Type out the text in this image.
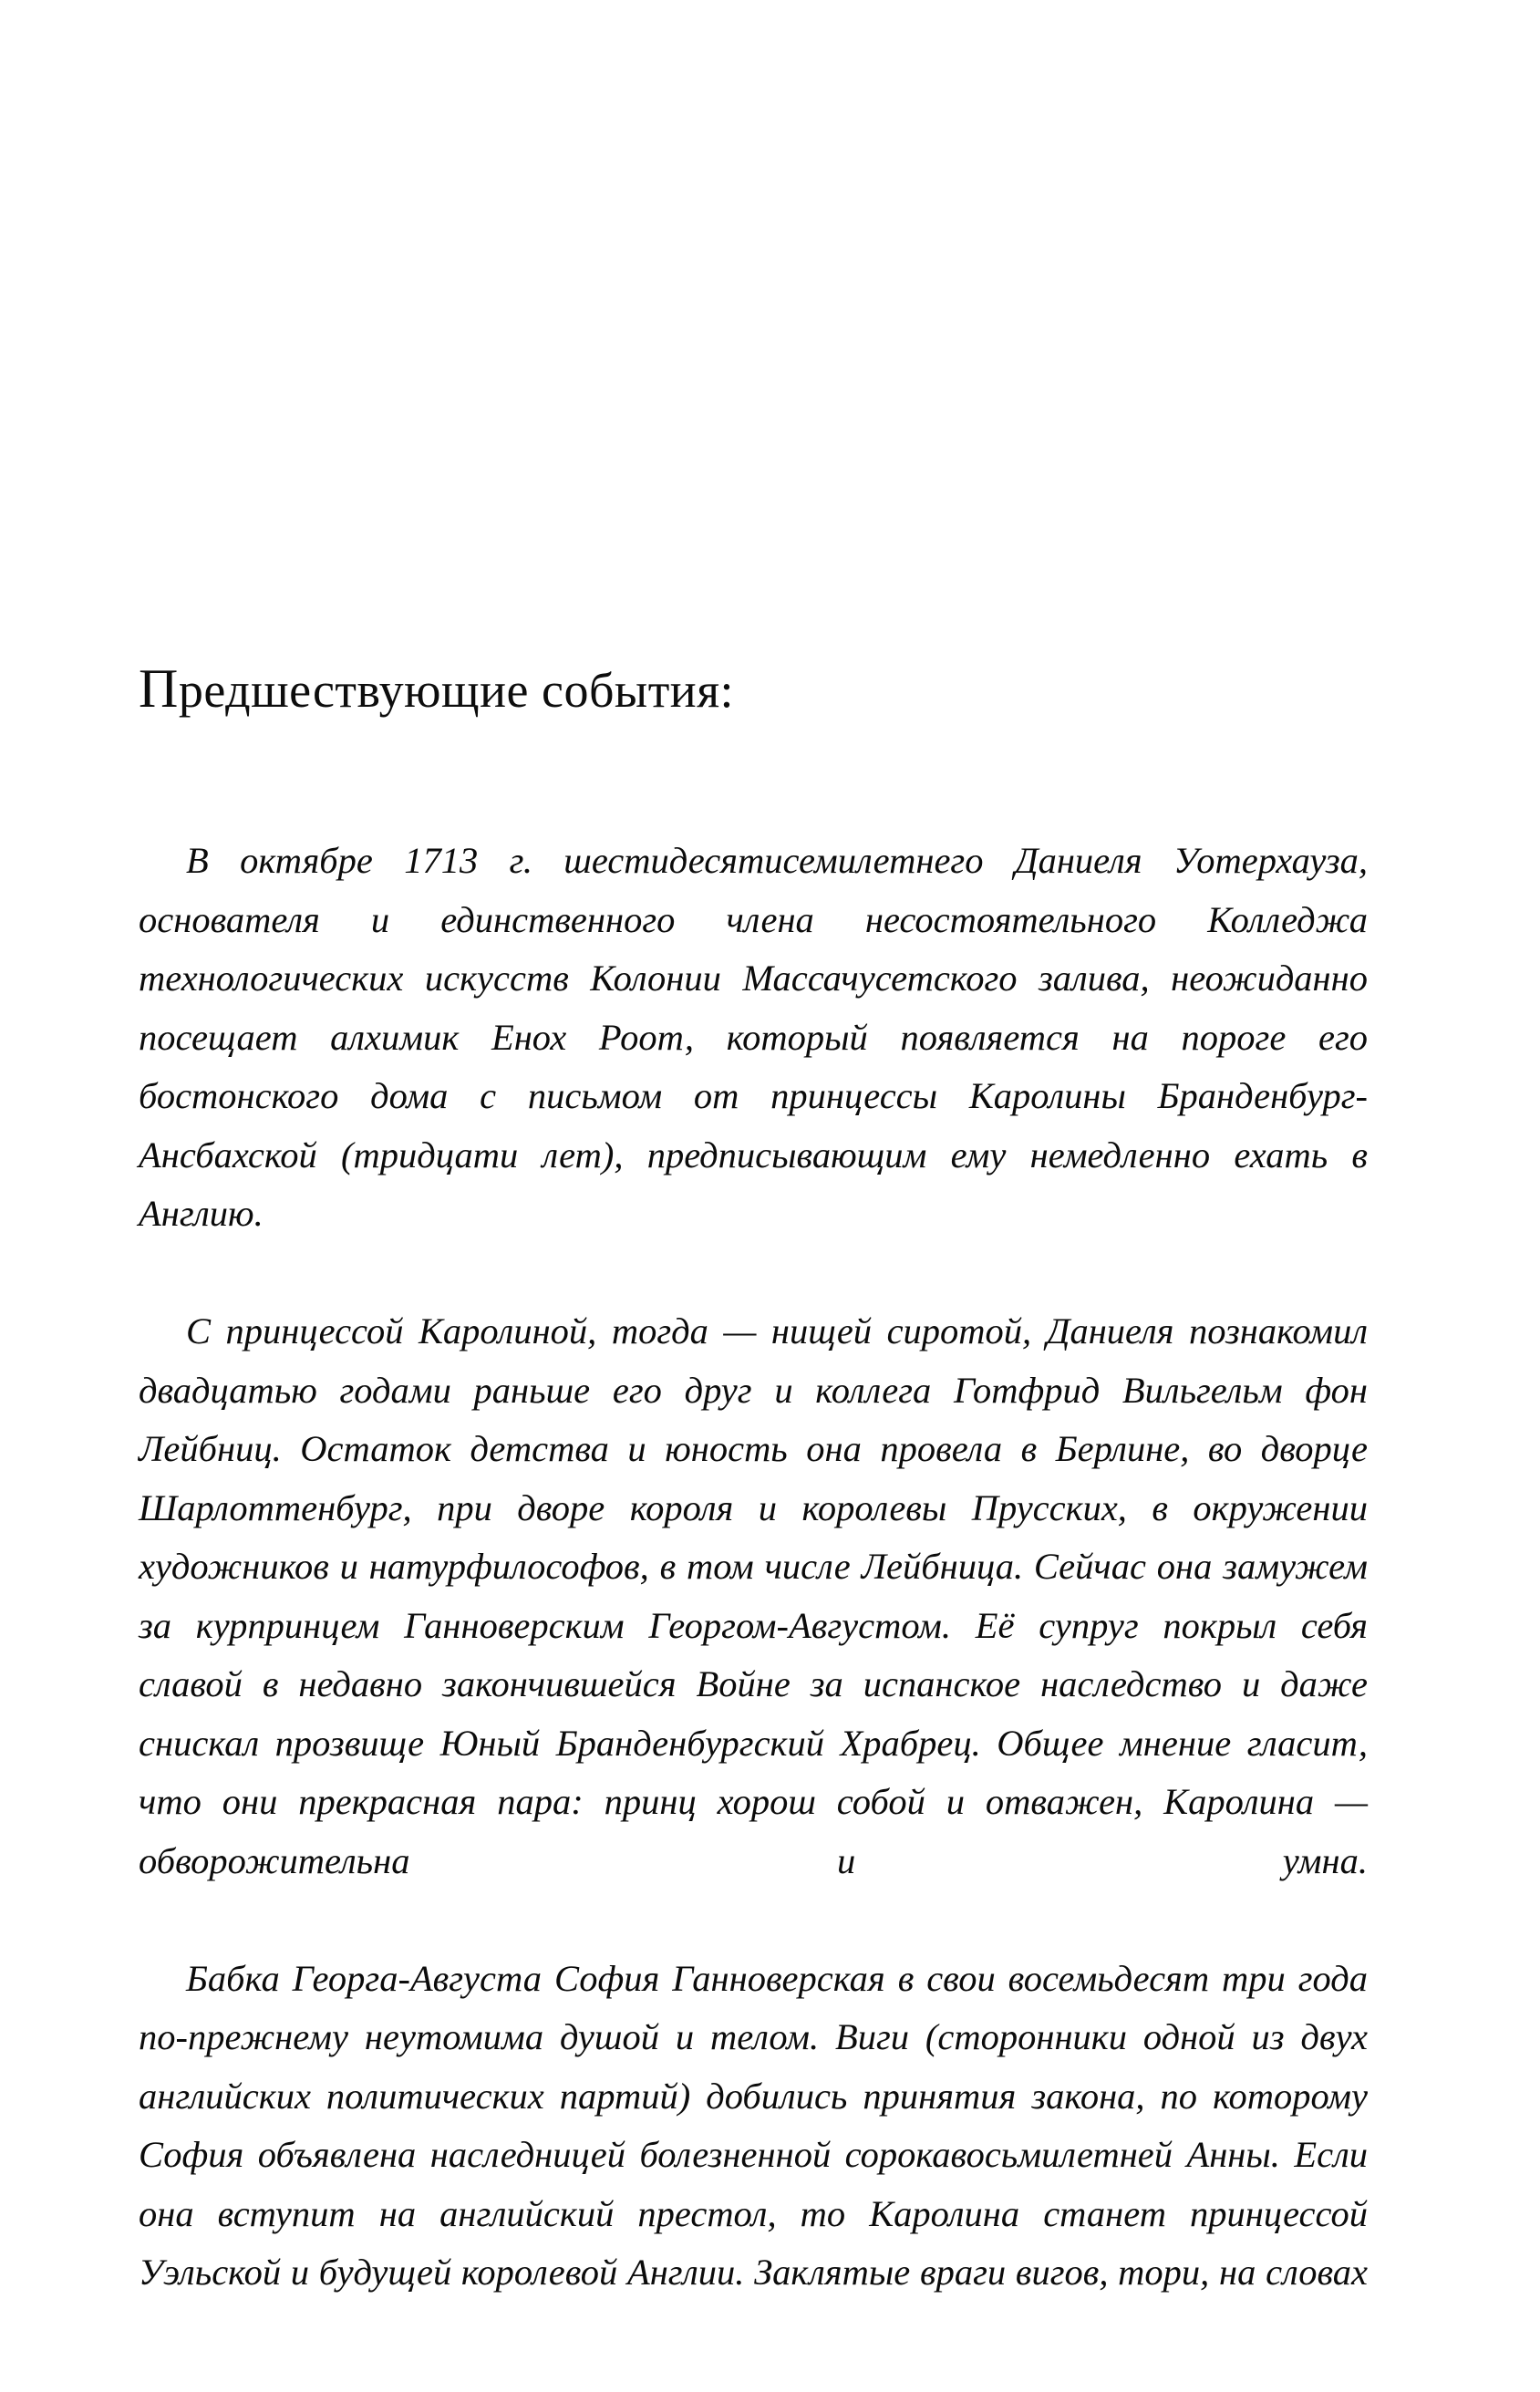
Предшествующие события:

В октябре 1713 г. шестидесятисемилетнего Даниеля Уотерхауза, основателя и единственного члена несостоятельного Колледжа технологических искусств Колонии Массачусетского залива, неожиданно посещает алхимик Енох Роот, который появляется на пороге его бостонского дома с письмом от принцессы Каролины Бранденбург-Ансбахской (тридцати лет), предписывающим ему немедленно ехать в Англию.

С принцессой Каролиной, тогда — нищей сиротой, Даниеля познакомил двадцатью годами раньше его друг и коллега Готфрид Вильгельм фон Лейбниц. Остаток детства и юность она провела в Берлине, во дворце Шарлоттенбург, при дворе короля и королевы Прусских, в окружении художников и натурфилософов, в том числе Лейбница. Сейчас она замужем за курпринцем Ганноверским Георгом-Августом. Её супруг покрыл себя славой в недавно закончившейся Войне за испанское наследство и даже снискал прозвище Юный Бранденбургский Храбрец. Общее мнение гласит, что они прекрасная пара: принц хорош собой и отважен, Каролина — обворожительна и умна.

Бабка Георга-Августа София Ганноверская в свои восемьдесят три года по-прежнему неутомима душой и телом. Виги (сторонники одной из двух английских политических партий) добились принятия закона, по которому София объявлена наследницей болезненной сорокавосьмилетней Анны. Если она вступит на английский престол, то Каролина станет принцессой Уэльской и будущей королевой Англии. Заклятые враги вигов, тори, на словах
